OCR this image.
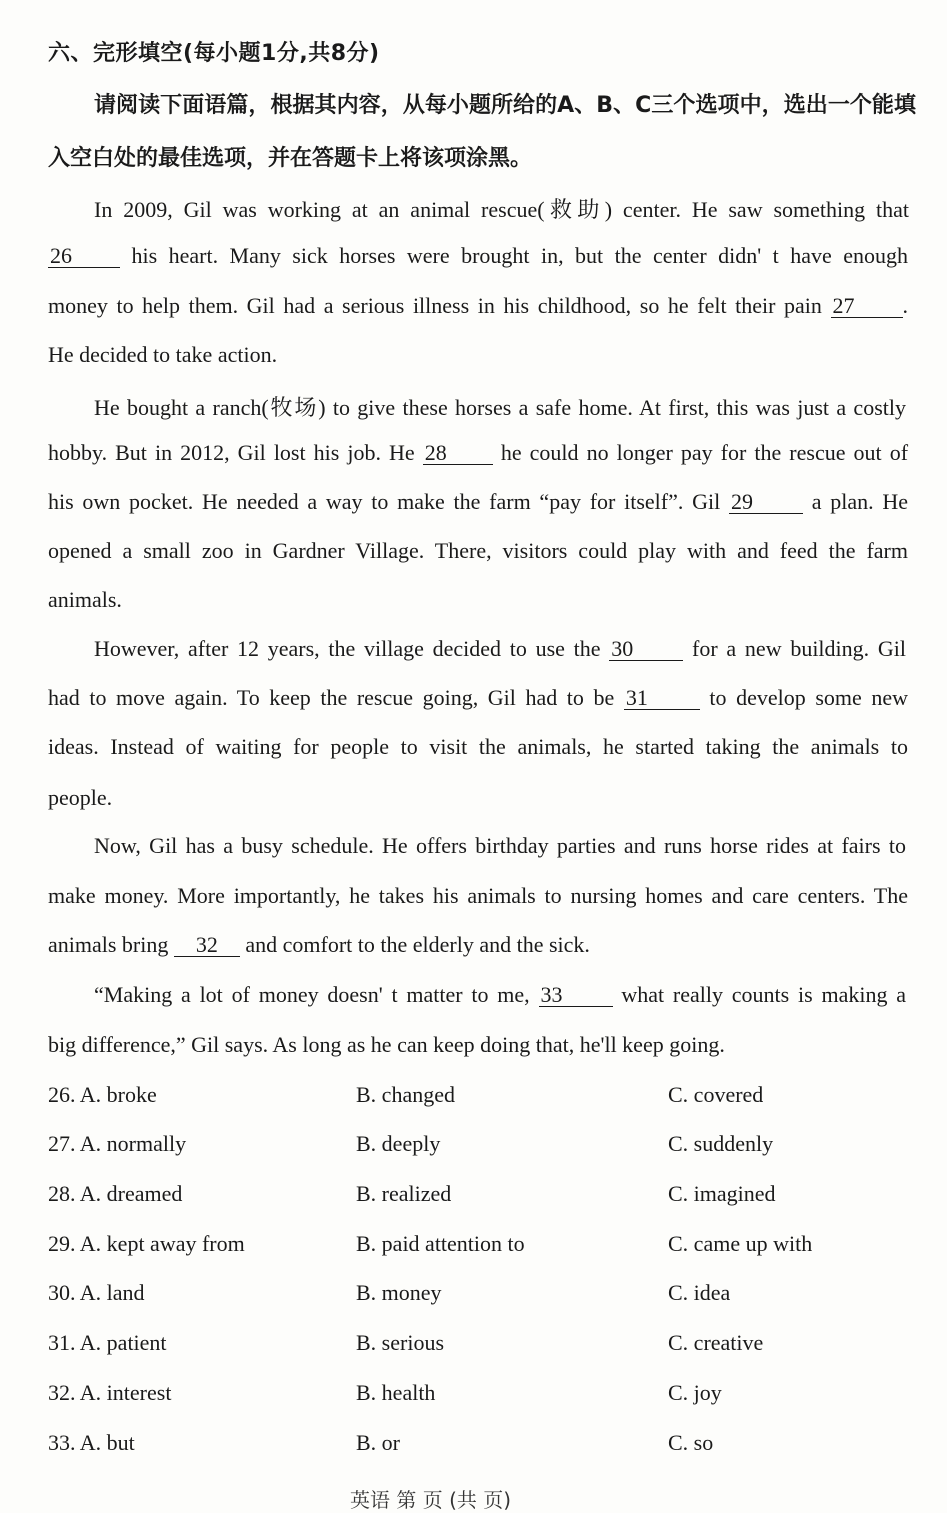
六、完形填空(每小题1分,共8分)
请阅读下面语篇，根据其内容，从每小题所给的A、B、C三个选项中，选出一个能填
入空白处的最佳选项，并在答题卡上将该项涂黑。
In 2009, Gil was working at an animal rescue(救助) center. He saw something that
26	his heart. Many sick horses were brought in, but the center didn' t have enough
money to help them. Gil had a serious illness in his childhood, so he felt their pain 27 .
He decided to take action.
He bought a ranch(牧场) to give these horses a safe home. At first, this was just a costly
hobby. But in 2012, Gil lost his job. He 28 he could no longer pay for the rescue out of
his own pocket. He needed a way to make the farm “pay for itself”. Gil 29	a plan. He
opened a small zoo in Gardner Village. There, visitors could play with and feed the farm
animals.
However, after 12 years, the village decided to use the 30	for a new building. Gil
had to move again. To keep the rescue going, Gil had to be 31	to develop some new
ideas. Instead of waiting for people to visit the animals, he started taking the animals to
people.
Now, Gil has a busy schedule. He offers birthday parties and runs horse rides at fairs to
make money. More importantly, he takes his animals to nursing homes and care centers. The
animals bring 32 and comfort to the elderly and the sick.
“Making a lot of money doesn' t matter to me, 33	what really counts is making a
big difference,” Gil says. As long as he can keep doing that, he'll keep going.
26. A. broke	B. changed	C. covered
27. A. normally	B. deeply	C. suddenly
28. A. dreamed	B. realized	C. imagined
29. A. kept away from	B. paid attention to	C. came up with
30. A. land	B. money	C. idea
31. A. patient	B. serious	C. creative
32. A. interest	B. health	C. joy
33. A. but	B. or	C. so
英语 第 页 (共 页)
